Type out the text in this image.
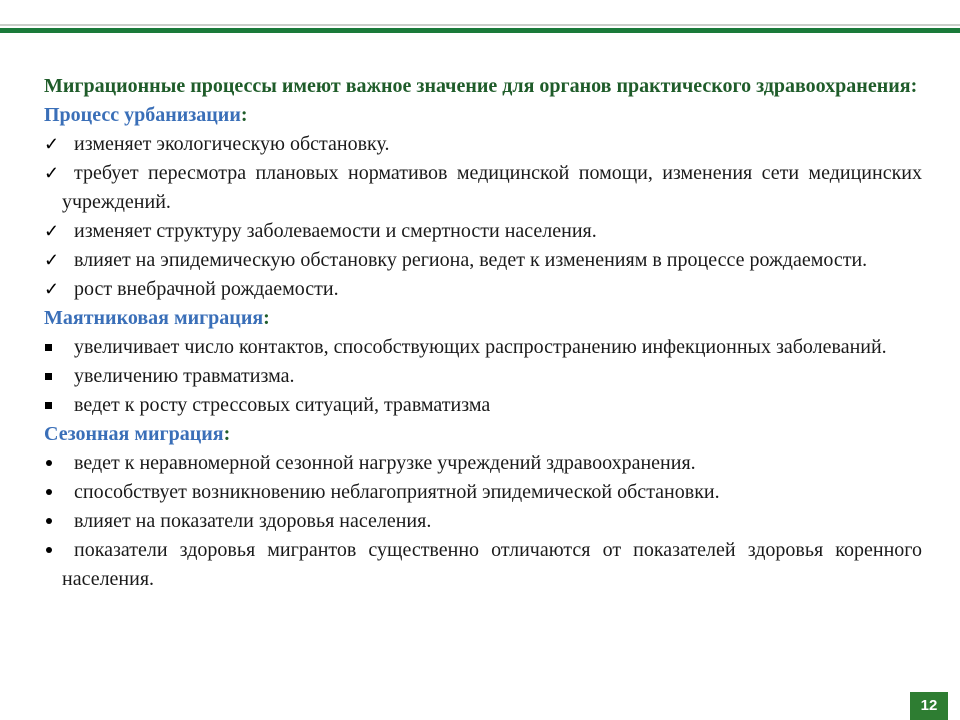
Миграционные процессы имеют важное значение для органов практического здравоохранения:

Процесс урбанизации:

✓ изменяет экологическую обстановку.
✓ требует пересмотра плановых нормативов медицинской помощи, изменения сети медицинских учреждений.
✓ изменяет структуру заболеваемости и смертности населения.
✓ влияет на эпидемическую обстановку региона, ведет к изменениям в процессе рождаемости.
✓ рост внебрачной рождаемости.

Маятниковая миграция:

увеличивает число контактов, способствующих распространению инфекционных заболеваний.
увеличению травматизма.
ведет к росту стрессовых ситуаций, травматизма

Сезонная миграция:

ведет к неравномерной сезонной нагрузке учреждений здравоохранения.
способствует возникновению неблагоприятной эпидемической обстановки.
влияет на показатели здоровья населения.
показатели здоровья мигрантов существенно отличаются от показателей здоровья коренного населения.
12
